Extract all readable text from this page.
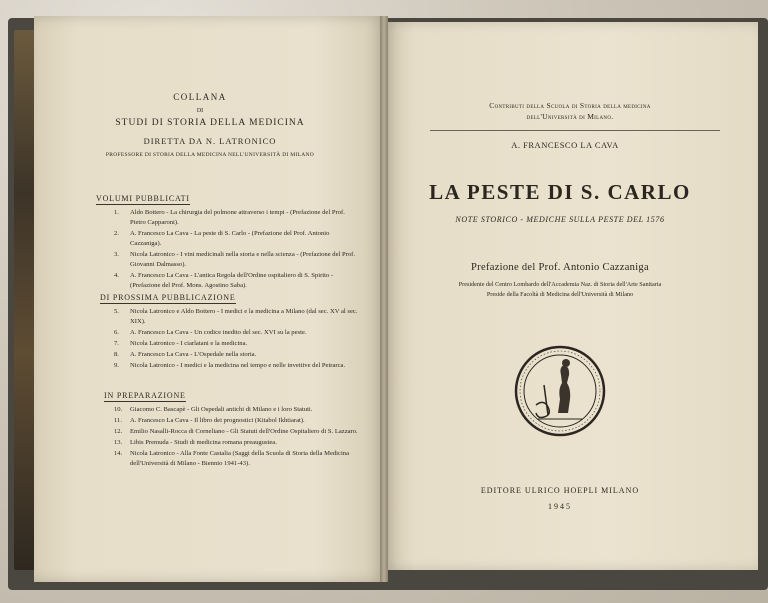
COLLANA
DI
STUDI DI STORIA DELLA MEDICINA
DIRETTA DA N. LATRONICO
PROFESSORE DI STORIA DELLA MEDICINA NELL'UNIVERSITÀ DI MILANO
VOLUMI PUBBLICATI
1. Aldo Bottero - La chirurgia del polmone attraverso i tempi - (Prefazione del Prof. Pietro Capparoni).
2. A. Francesco La Cava - La peste di S. Carlo - (Prefazione del Prof. Antonio Cazzaniga).
3. Nicola Latronico - I vini medicinali nella storia e nella scienza - (Prefazione del Prof. Giovanni Dalmasso).
4. A. Francesco La Cava - L'antica Regola dell'Ordine ospitaliero di S. Spirito - (Prefazione del Prof. Mons. Agostino Saba).
DI PROSSIMA PUBBLICAZIONE
5. Nicola Latronico e Aldo Bottero - I medici e la medicina a Milano (dal sec. XV al sec. XIX).
6. A. Francesco La Cava - Un codice inedito del sec. XVI su la peste.
7. Nicola Latronico - I ciarlatani e la medicina.
8. A. Francesco La Cava - L'Ospedale nella storia.
9. Nicola Latronico - I medici e la medicina nel tempo e nelle invettive del Petrarca.
IN PREPARAZIONE
10. Giacomo C. Bascapè - Gli Ospedali antichi di Milano e i loro Statuti.
11. A. Francesco La Cava - Il libro dei prognostici (Kitabol Ikhtiarat).
12. Emilio Nasalli-Rocca di Corneliano - Gli Statuti dell'Ordine Ospitaliero di S. Lazzaro.
13. Libis Premuda - Studi di medicina romana preaugustea.
14. Nicola Latronico - Alla Fonte Castalia (Saggi della Scuola di Storia della Medicina dell'Università di Milano - Biennio 1941-43).
Contributi della Scuola di Storia della medicina
dell'Università di Milano.
A. FRANCESCO LA CAVA
LA PESTE DI S. CARLO
NOTE STORICO - MEDICHE SULLA PESTE DEL 1576
Prefazione del Prof. Antonio Cazzaniga
Presidente del Centro Lombardo dell'Accademia Naz. di Storia dell'Arte Sanitaria
Preside della Facoltà di Medicina dell'Università di Milano
EDITORE ULRICO HOEPLI MILANO
1945
